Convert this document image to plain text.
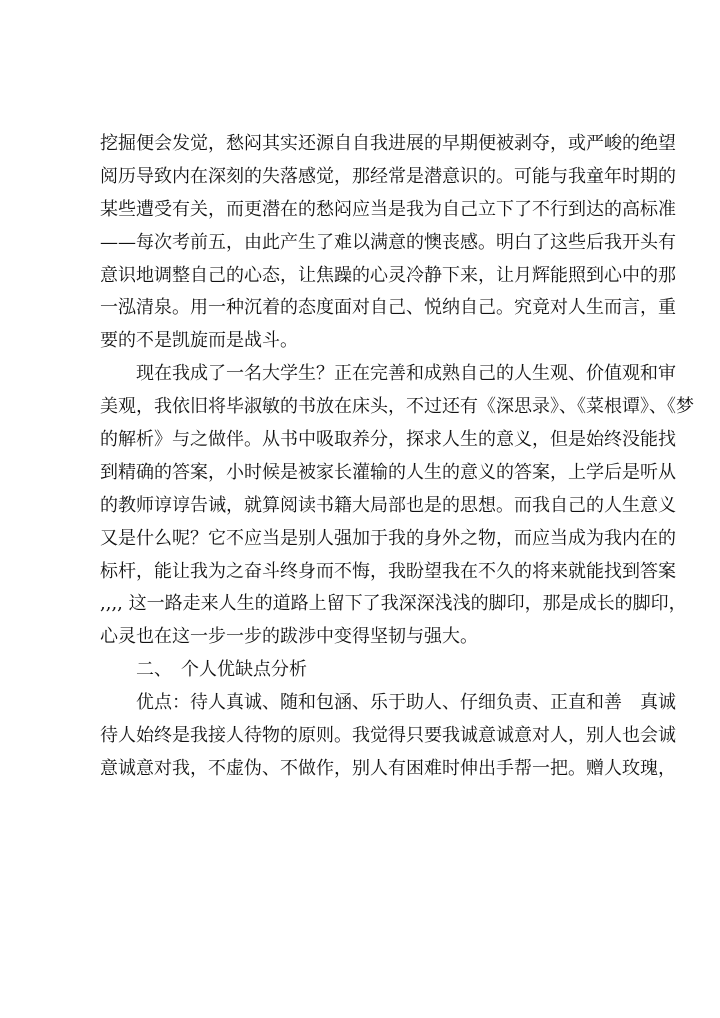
挖掘便会发觉，愁闷其实还源自自我进展的早期便被剥夺，或严峻的绝望
阅历导致内在深刻的失落感觉，那经常是潜意识的。可能与我童年时期的
某些遭受有关，而更潜在的愁闷应当是我为自己立下了不行到达的高标准
——每次考前五，由此产生了难以满意的懊丧感。明白了这些后我开头有
意识地调整自己的心态，让焦躁的心灵冷静下来，让月辉能照到心中的那
一泓清泉。用一种沉着的态度面对自己、悦纳自己。究竟对人生而言，重
要的不是凯旋而是战斗。
　　现在我成了一名大学生？正在完善和成熟自己的人生观、价值观和审
美观，我依旧将毕淑敏的书放在床头，不过还有《深思录》、《菜根谭》、《梦
的解析》与之做伴。从书中吸取养分，探求人生的意义，但是始终没能找
到精确的答案，小时候是被家长灌输的人生的意义的答案，上学后是听从
的教师谆谆告诫，就算阅读书籍大局部也是的思想。而我自己的人生意义
又是什么呢？它不应当是别人强加于我的身外之物，而应当成为我内在的
标杆，能让我为之奋斗终身而不悔，我盼望我在不久的将来就能找到答案
,,,, 这一路走来人生的道路上留下了我深深浅浅的脚印，那是成长的脚印，
心灵也在这一步一步的跋涉中变得坚韧与强大。
　　二、　个人优缺点分析
　　优点：待人真诚、随和包涵、乐于助人、仔细负责、正直和善　真诚
待人始终是我接人待物的原则。我觉得只要我诚意诚意对人，别人也会诚
意诚意对我，不虚伪、不做作，别人有困难时伸出手帮一把。赠人玫瑰，
